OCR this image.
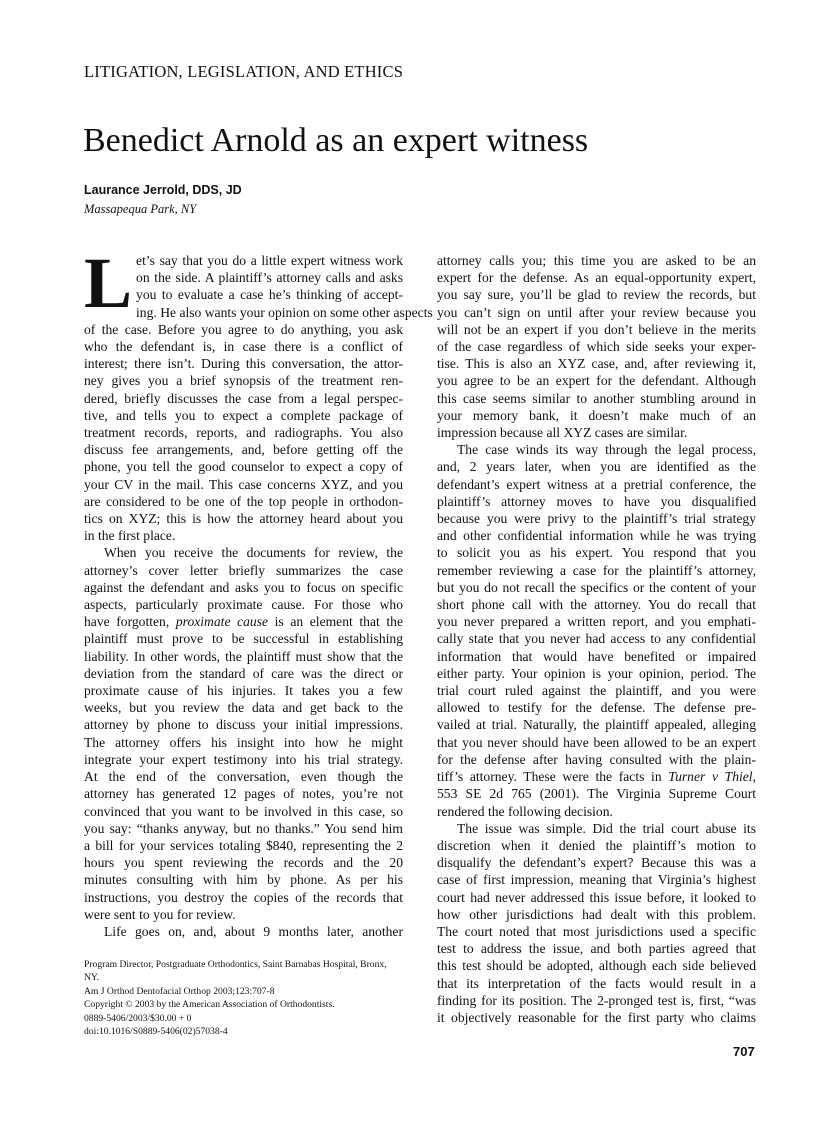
LITIGATION, LEGISLATION, AND ETHICS
Benedict Arnold as an expert witness
Laurance Jerrold, DDS, JD
Massapequa Park, NY
L et’s say that you do a little expert witness work
on the side. A plaintiff’s attorney calls and asks
you to evaluate a case he’s thinking of accept-
ing. He also wants your opinion on some other aspects
of the case. Before you agree to do anything, you ask
who the defendant is, in case there is a conflict of
interest; there isn’t. During this conversation, the attor-
ney gives you a brief synopsis of the treatment ren-
dered, briefly discusses the case from a legal perspec-
tive, and tells you to expect a complete package of
treatment records, reports, and radiographs. You also
discuss fee arrangements, and, before getting off the
phone, you tell the good counselor to expect a copy of
your CV in the mail. This case concerns XYZ, and you
are considered to be one of the top people in orthodon-
tics on XYZ; this is how the attorney heard about you
in the first place.
When you receive the documents for review, the
attorney’s cover letter briefly summarizes the case
against the defendant and asks you to focus on specific
aspects, particularly proximate cause. For those who
have forgotten, proximate cause is an element that the
plaintiff must prove to be successful in establishing
liability. In other words, the plaintiff must show that the
deviation from the standard of care was the direct or
proximate cause of his injuries. It takes you a few
weeks, but you review the data and get back to the
attorney by phone to discuss your initial impressions.
The attorney offers his insight into how he might
integrate your expert testimony into his trial strategy.
At the end of the conversation, even though the
attorney has generated 12 pages of notes, you’re not
convinced that you want to be involved in this case, so
you say: “thanks anyway, but no thanks.” You send him
a bill for your services totaling $840, representing the 2
hours you spent reviewing the records and the 20
minutes consulting with him by phone. As per his
instructions, you destroy the copies of the records that
were sent to you for review.
Life goes on, and, about 9 months later, another
attorney calls you; this time you are asked to be an
expert for the defense. As an equal-opportunity expert,
you say sure, you’ll be glad to review the records, but
you can’t sign on until after your review because you
will not be an expert if you don’t believe in the merits
of the case regardless of which side seeks your exper-
tise. This is also an XYZ case, and, after reviewing it,
you agree to be an expert for the defendant. Although
this case seems similar to another stumbling around in
your memory bank, it doesn’t make much of an
impression because all XYZ cases are similar.
The case winds its way through the legal process,
and, 2 years later, when you are identified as the
defendant’s expert witness at a pretrial conference, the
plaintiff’s attorney moves to have you disqualified
because you were privy to the plaintiff’s trial strategy
and other confidential information while he was trying
to solicit you as his expert. You respond that you
remember reviewing a case for the plaintiff’s attorney,
but you do not recall the specifics or the content of your
short phone call with the attorney. You do recall that
you never prepared a written report, and you emphati-
cally state that you never had access to any confidential
information that would have benefited or impaired
either party. Your opinion is your opinion, period. The
trial court ruled against the plaintiff, and you were
allowed to testify for the defense. The defense pre-
vailed at trial. Naturally, the plaintiff appealed, alleging
that you never should have been allowed to be an expert
for the defense after having consulted with the plain-
tiff’s attorney. These were the facts in Turner v Thiel,
553 SE 2d 765 (2001). The Virginia Supreme Court
rendered the following decision.
The issue was simple. Did the trial court abuse its
discretion when it denied the plaintiff’s motion to
disqualify the defendant’s expert? Because this was a
case of first impression, meaning that Virginia’s highest
court had never addressed this issue before, it looked to
how other jurisdictions had dealt with this problem.
The court noted that most jurisdictions used a specific
test to address the issue, and both parties agreed that
this test should be adopted, although each side believed
that its interpretation of the facts would result in a
finding for its position. The 2-pronged test is, first, “was
it objectively reasonable for the first party who claims
Program Director, Postgraduate Orthodontics, Saint Barnabas Hospital, Bronx,
NY.
Am J Orthod Dentofacial Orthop 2003;123:707-8
Copyright © 2003 by the American Association of Orthodontists.
0889-5406/2003/$30.00 + 0
doi:10.1016/S0889-5406(02)57038-4
707
